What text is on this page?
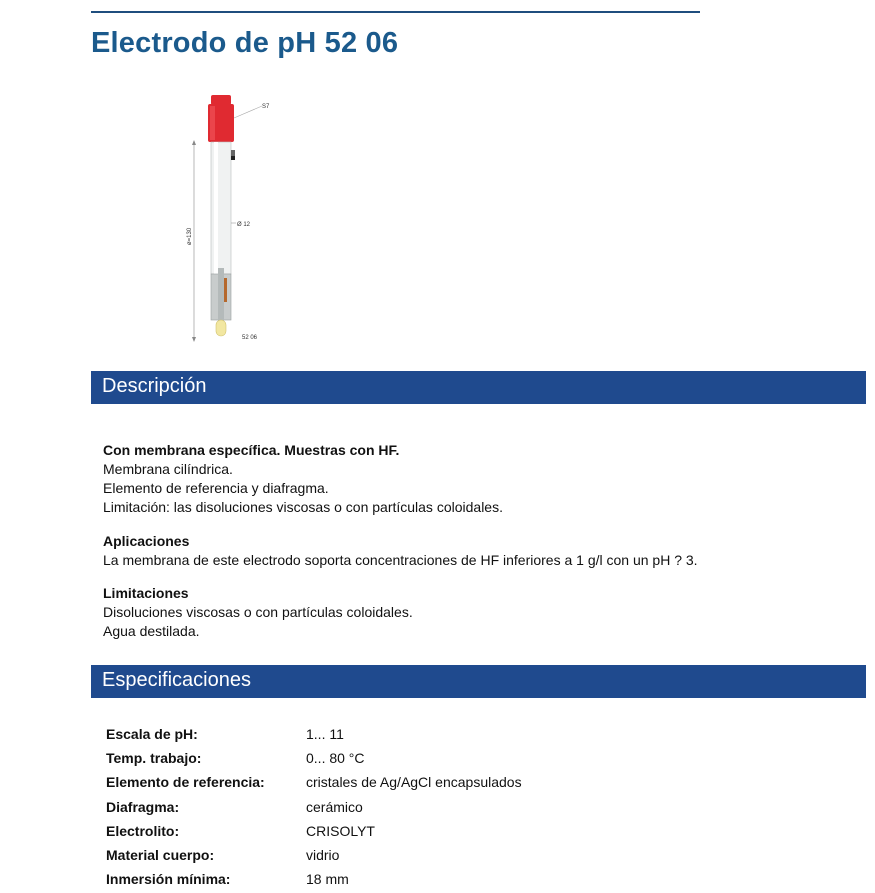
Electrodo de pH 52 06
ø=130
S7
Ø 12
52 06
Descripción
Con membrana específica. Muestras con HF.
Membrana cilíndrica.
Elemento de referencia y diafragma.
Limitación: las disoluciones viscosas o con partículas coloidales.
Aplicaciones
La membrana de este electrodo soporta concentraciones de HF inferiores a 1 g/l con un pH ? 3.
Limitaciones
Disoluciones viscosas o con partículas coloidales.
Agua destilada.
Especificaciones
Escala de pH:	1... 11
Temp. trabajo:	0... 80 °C
Elemento de referencia:	cristales de Ag/AgCl encapsulados
Diafragma:	cerámico
Electrolito:	CRISOLYT
Material cuerpo:	vidrio
Inmersión mínima:	18 mm
